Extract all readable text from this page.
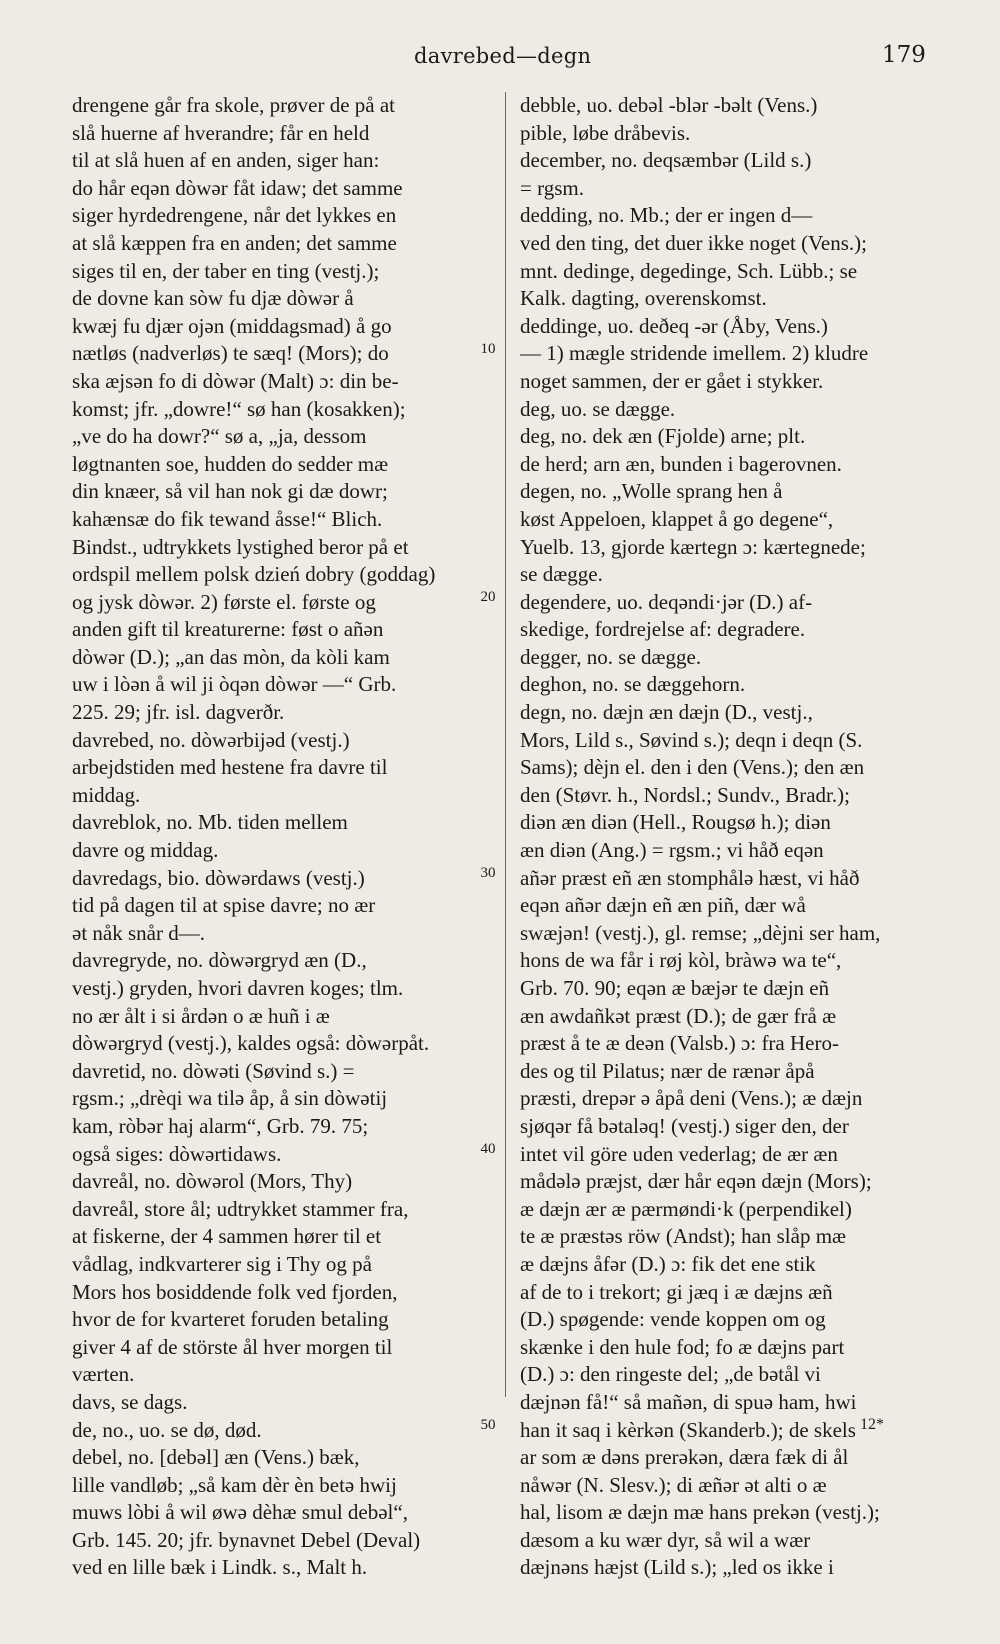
davrebed—degn	179
drengene går fra skole, prøver de på at
slå huerne af hverandre; får en held
til at slå huen af en anden, siger han:
do hår eqən dòwər fåt idaw; det samme
siger hyrdedrengene, når det lykkes en
at slå kæppen fra en anden; det samme
siges til en, der taber en ting (vestj.);
de dovne kan sòw fu djæ dòwər å
kwæj fu djær ojən (middagsmad) å go
nætløs (nadverløs) te sæq! (Mors); do
ska æjsən fo di dòwər (Malt) ɔ: din be-
komst; jfr. „dowre!“ sø han (kosakken);
„ve do ha dowr?“ sø a, „ja, dessom
løgtnanten soe, hudden do sedder mæ
din knæer, så vil han nok gi dæ dowr;
kahænsæ do fik tewand åsse!“ Blich.
Bindst., udtrykkets lystighed beror på et
ordspil mellem polsk dzień dobry (goddag)
og jysk dòwər. 2) første el. første og
anden gift til kreaturerne: føst o añən
dòwər (D.); „an das mòn, da kòli kam
uw i lòən å wil ji òqən dòwər —“ Grb.
225. 29; jfr. isl. dagverðr.
davrebed, no. dòwərbijəd (vestj.)
arbejdstiden med hestene fra davre til
middag.
davreblok, no. Mb. tiden mellem
davre og middag.
davredags, bio. dòwərdaws (vestj.)
tid på dagen til at spise davre; no ær
ət nåk snår d—.
davregryde, no. dòwərgryd æn (D.,
vestj.) gryden, hvori davren koges; tlm.
no ær ålt i si årdən o æ huñ i æ
dòwərgryd (vestj.), kaldes også: dòwərpåt.
davretid, no. dòwəti (Søvind s.) =
rgsm.; „drèqi wa tilə åp, å sin dòwətij
kam, ròbər haj alarm“, Grb. 79. 75;
også siges: dòwərtidaws.
davreål, no. dòwərol (Mors, Thy)
davreål, store ål; udtrykket stammer fra,
at fiskerne, der 4 sammen hører til et
vådlag, indkvarterer sig i Thy og på
Mors hos bosiddende folk ved fjorden,
hvor de for kvarteret foruden betaling
giver 4 af de störste ål hver morgen til
værten.
davs, se dags.
de, no., uo. se dø, død.
debel, no. [debəl] æn (Vens.) bæk,
lille vandløb; „så kam dèr èn betə hwij
muws lòbi å wil øwə dèhæ smul debəl“,
Grb. 145. 20; jfr. bynavnet Debel (Deval)
ved en lille bæk i Lindk. s., Malt h.
debble, uo. debəl -blər -bəlt (Vens.)
pible, løbe dråbevis.
december, no. deqsæmbər (Lild s.)
= rgsm.
dedding, no. Mb.; der er ingen d—
ved den ting, det duer ikke noget (Vens.);
mnt. dedinge, degedinge, Sch. Lübb.; se
Kalk. dagting, overenskomst.
deddinge, uo. deðeq -ər (Åby, Vens.)
— 1) mægle stridende imellem. 2) kludre
noget sammen, der er gået i stykker.
deg, uo. se dægge.
deg, no. dek æn (Fjolde) arne; plt.
de herd; arn æn, bunden i bagerovnen.
degen, no. „Wolle sprang hen å
køst Appeloen, klappet å go degene“,
Yuelb. 13, gjorde kærtegn ɔ: kærtegnede;
se dægge.
degendere, uo. deqəndi·jər (D.) af-
skedige, fordrejelse af: degradere.
degger, no. se dægge.
deghon, no. se dæggehorn.
degn, no. dæjn æn dæjn (D., vestj.,
Mors, Lild s., Søvind s.); deqn i deqn (S.
Sams); dèjn el. den i den (Vens.); den æn
den (Støvr. h., Nordsl.; Sundv., Bradr.);
diən æn diən (Hell., Rougsø h.); diən
æn diən (Ang.) = rgsm.; vi håð eqən
añər præst eñ æn stomphålə hæst, vi håð
eqən añər dæjn eñ æn piñ, dær wå
swæjən! (vestj.), gl. remse; „dèjni ser ham,
hons de wa får i røj kòl, bràwə wa te“,
Grb. 70. 90; eqən æ bæjər te dæjn eñ
æn awdañkət præst (D.); de gær frå æ
præst å te æ deən (Valsb.) ɔ: fra Hero-
des og til Pilatus; nær de rænər åpå
præsti, drepər ə åpå deni (Vens.); æ dæjn
sjøqər få bətaləq! (vestj.) siger den, der
intet vil göre uden vederlag; de ær æn
mådələ præjst, dær hår eqən dæjn (Mors);
æ dæjn ær æ pærmøndi·k (perpendikel)
te æ præstəs röw (Andst); han slåp mæ
æ dæjns åfər (D.) ɔ: fik det ene stik
af de to i trekort; gi jæq i æ dæjns æñ
(D.) spøgende: vende koppen om og
skænke i den hule fod; fo æ dæjns part
(D.) ɔ: den ringeste del; „de bətål vi
dæjnən få!“ så mañən, di spuə ham, hwi
han it saq i kèrkən (Skanderb.); de skels
ar som æ dəns prerəkən, dæra fæk di ål
nåwər (N. Slesv.); di æñər ət alti o æ
hal, lisom æ dæjn mæ hans prekən (vestj.);
dæsom a ku wær dyr, så wil a wær
dæjnəns hæjst (Lild s.); „led os ikke i
10
20
30
40
50	12*
